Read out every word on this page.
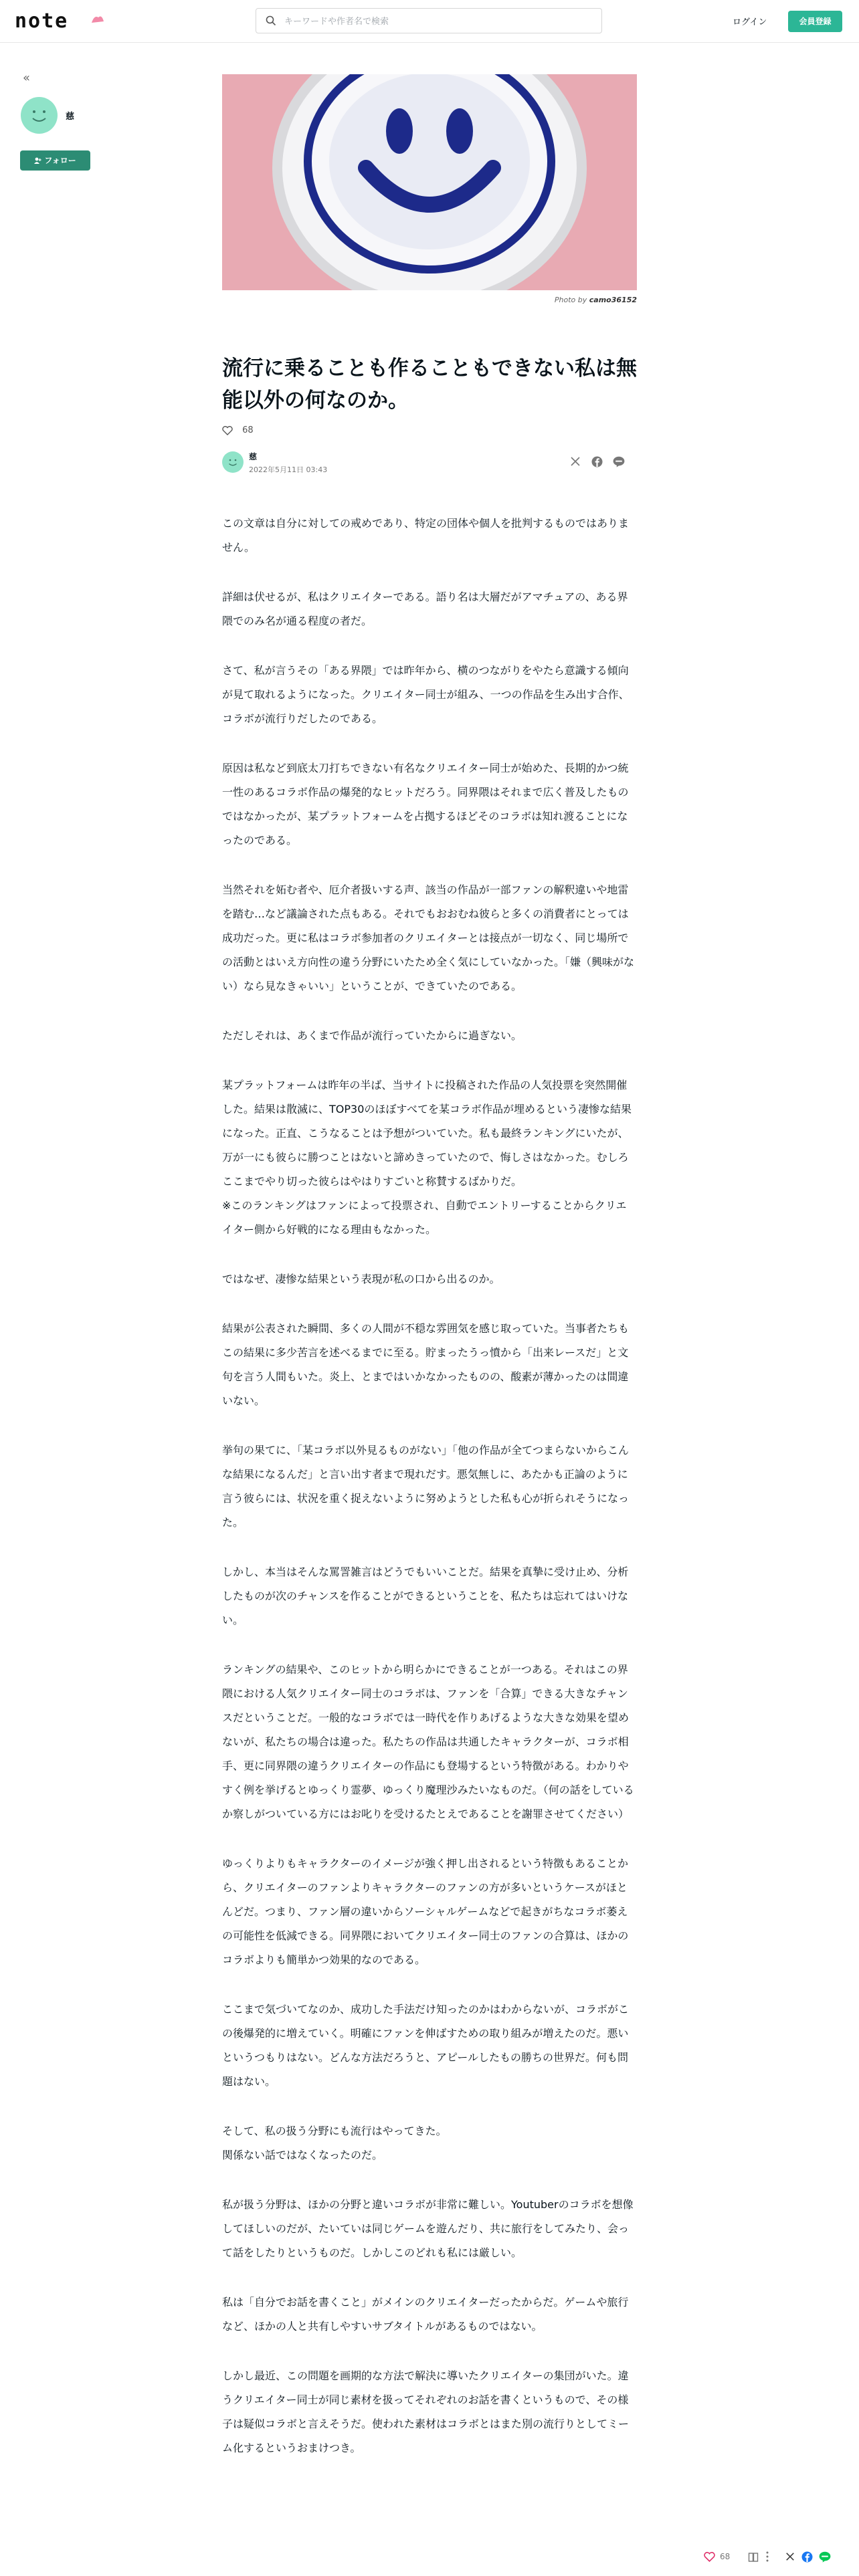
note
キーワードや作者名で検索	ログイン	会員登録
«
慈
フォロー
Photo by camo36152
流行に乗ることも作ることもできない私は無能以外の何なのか。
68
慈
2022年5月11日 03:43

この文章は自分に対しての戒めであり、特定の団体や個人を批判するものではありません。

詳細は伏せるが、私はクリエイターである。語り名は大層だがアマチュアの、ある界隈でのみ名が通る程度の者だ。

さて、私が言うその「ある界隈」では昨年から、横のつながりをやたら意識する傾向が見て取れるようになった。クリエイター同士が組み、一つの作品を生み出す合作、コラボが流行りだしたのである。

原因は私など到底太刀打ちできない有名なクリエイター同士が始めた、長期的かつ統一性のあるコラボ作品の爆発的なヒットだろう。同界隈はそれまで広く普及したものではなかったが、某プラットフォームを占拠するほどそのコラボは知れ渡ることになったのである。

当然それを妬む者や、厄介者扱いする声、該当の作品が一部ファンの解釈違いや地雷を踏む…など議論された点もある。それでもおおむね彼らと多くの消費者にとっては成功だった。更に私はコラボ参加者のクリエイターとは接点が一切なく、同じ場所での活動とはいえ方向性の違う分野にいたため全く気にしていなかった。「嫌（興味がない）なら見なきゃいい」ということが、できていたのである。

ただしそれは、あくまで作品が流行っていたからに過ぎない。

某プラットフォームは昨年の半ば、当サイトに投稿された作品の人気投票を突然開催した。結果は散滅に、TOP30のほぼすべてを某コラボ作品が埋めるという凄惨な結果になった。正直、こうなることは予想がついていた。私も最終ランキングにいたが、万が一にも彼らに勝つことはないと諦めきっていたので、悔しさはなかった。むしろここまでやり切った彼らはやはりすごいと称賛するばかりだ。
※このランキングはファンによって投票され、自動でエントリーすることからクリエイター側から好戦的になる理由もなかった。

ではなぜ、凄惨な結果という表現が私の口から出るのか。

結果が公表された瞬間、多くの人間が不穏な雰囲気を感じ取っていた。当事者たちもこの結果に多少苦言を述べるまでに至る。貯まったうっ憤から「出来レースだ」と文句を言う人間もいた。炎上、とまではいかなかったものの、酸素が薄かったのは間違いない。

挙句の果てに、「某コラボ以外見るものがない」「他の作品が全てつまらないからこんな結果になるんだ」と言い出す者まで現れだす。悪気無しに、あたかも正論のように言う彼らには、状況を重く捉えないように努めようとした私も心が折られそうになった。

しかし、本当はそんな罵詈雑言はどうでもいいことだ。結果を真摯に受け止め、分析したものが次のチャンスを作ることができるということを、私たちは忘れてはいけない。

ランキングの結果や、このヒットから明らかにできることが一つある。それはこの界隈における人気クリエイター同士のコラボは、ファンを「合算」できる大きなチャンスだということだ。一般的なコラボでは一時代を作りあげるような大きな効果を望めないが、私たちの場合は違った。私たちの作品は共通したキャラクターが、コラボ相手、更に同界隈の違うクリエイターの作品にも登場するという特徴がある。わかりやすく例を挙げるとゆっくり霊夢、ゆっくり魔理沙みたいなものだ。（何の話をしているか察しがついている方にはお叱りを受けるたとえであることを謝罪させてください）

ゆっくりよりもキャラクターのイメージが強く押し出されるという特徴もあることから、クリエイターのファンよりキャラクターのファンの方が多いというケースがほとんどだ。つまり、ファン層の違いからソーシャルゲームなどで起きがちなコラボ萎えの可能性を低減できる。同界隈においてクリエイター同士のファンの合算は、ほかのコラボよりも簡単かつ効果的なのである。

ここまで気づいてなのか、成功した手法だけ知ったのかはわからないが、コラボがこの後爆発的に増えていく。明確にファンを伸ばすための取り組みが増えたのだ。悪いというつもりはない。どんな方法だろうと、アピールしたもの勝ちの世界だ。何も問題はない。

そして、私の扱う分野にも流行はやってきた。
関係ない話ではなくなったのだ。

私が扱う分野は、ほかの分野と違いコラボが非常に難しい。Youtuberのコラボを想像してほしいのだが、たいていは同じゲームを遊んだり、共に旅行をしてみたり、会って話をしたりというものだ。しかしこのどれも私には厳しい。

私は「自分でお話を書くこと」がメインのクリエイターだったからだ。ゲームや旅行など、ほかの人と共有しやすいサブタイトルがあるものではない。

しかし最近、この問題を画期的な方法で解決に導いたクリエイターの集団がいた。違うクリエイター同士が同じ素材を扱ってそれぞれのお話を書くというもので、その様子は疑似コラボと言えそうだ。使われた素材はコラボとはまた別の流行りとしてミーム化するというおまけつき。

68
